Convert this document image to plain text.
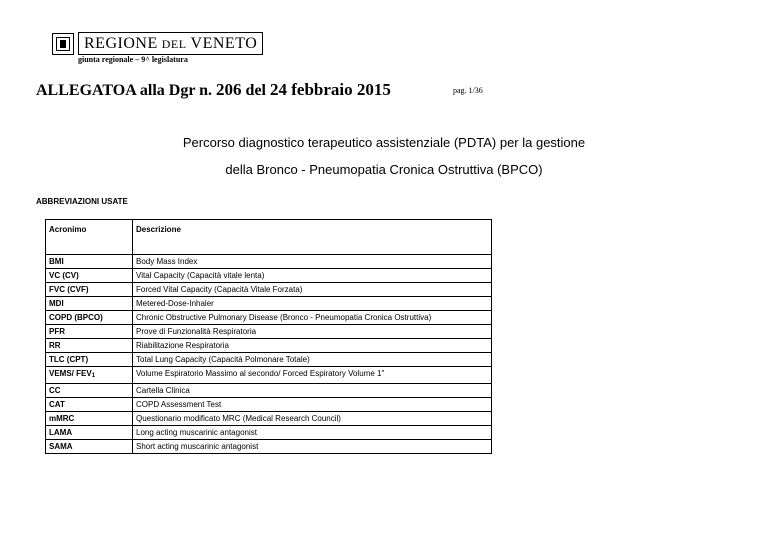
REGIONE DEL VENETO
giunta regionale – 9^ legislatura
ALLEGATOA alla Dgr n. 206 del 24 febbraio 2015	pag. 1/36
Percorso diagnostico terapeutico assistenziale (PDTA) per la gestione
della Bronco - Pneumopatia Cronica Ostruttiva (BPCO)
ABBREVIAZIONI USATE
Acronimo	Descrizione
BMI	Body Mass Index
VC (CV)	Vital Capacity (Capacità vitale lenta)
FVC (CVF)	Forced Vital Capacity (Capacità Vitale Forzata)
MDI	Metered-Dose-Inhaler
COPD (BPCO)	Chronic Obstructive Pulmonary Disease (Bronco - Pneumopatia Cronica Ostruttiva)
PFR	Prove di Funzionalità Respiratoria
RR	Riabilitazione Respiratoria
TLC (CPT)	Total Lung Capacity (Capacità Polmonare Totale)
VEMS/ $FEV_1$	Volume Espiratorio Massimo al secondo/ Forced Espiratory Volume 1"
CC	Cartella Clinica
CAT	COPD Assessment Test
mMRC	Questionario modificato MRC (Medical Research Council)
LAMA	Long acting muscarinic antagonist
SAMA	Short acting muscarinic antagonist
